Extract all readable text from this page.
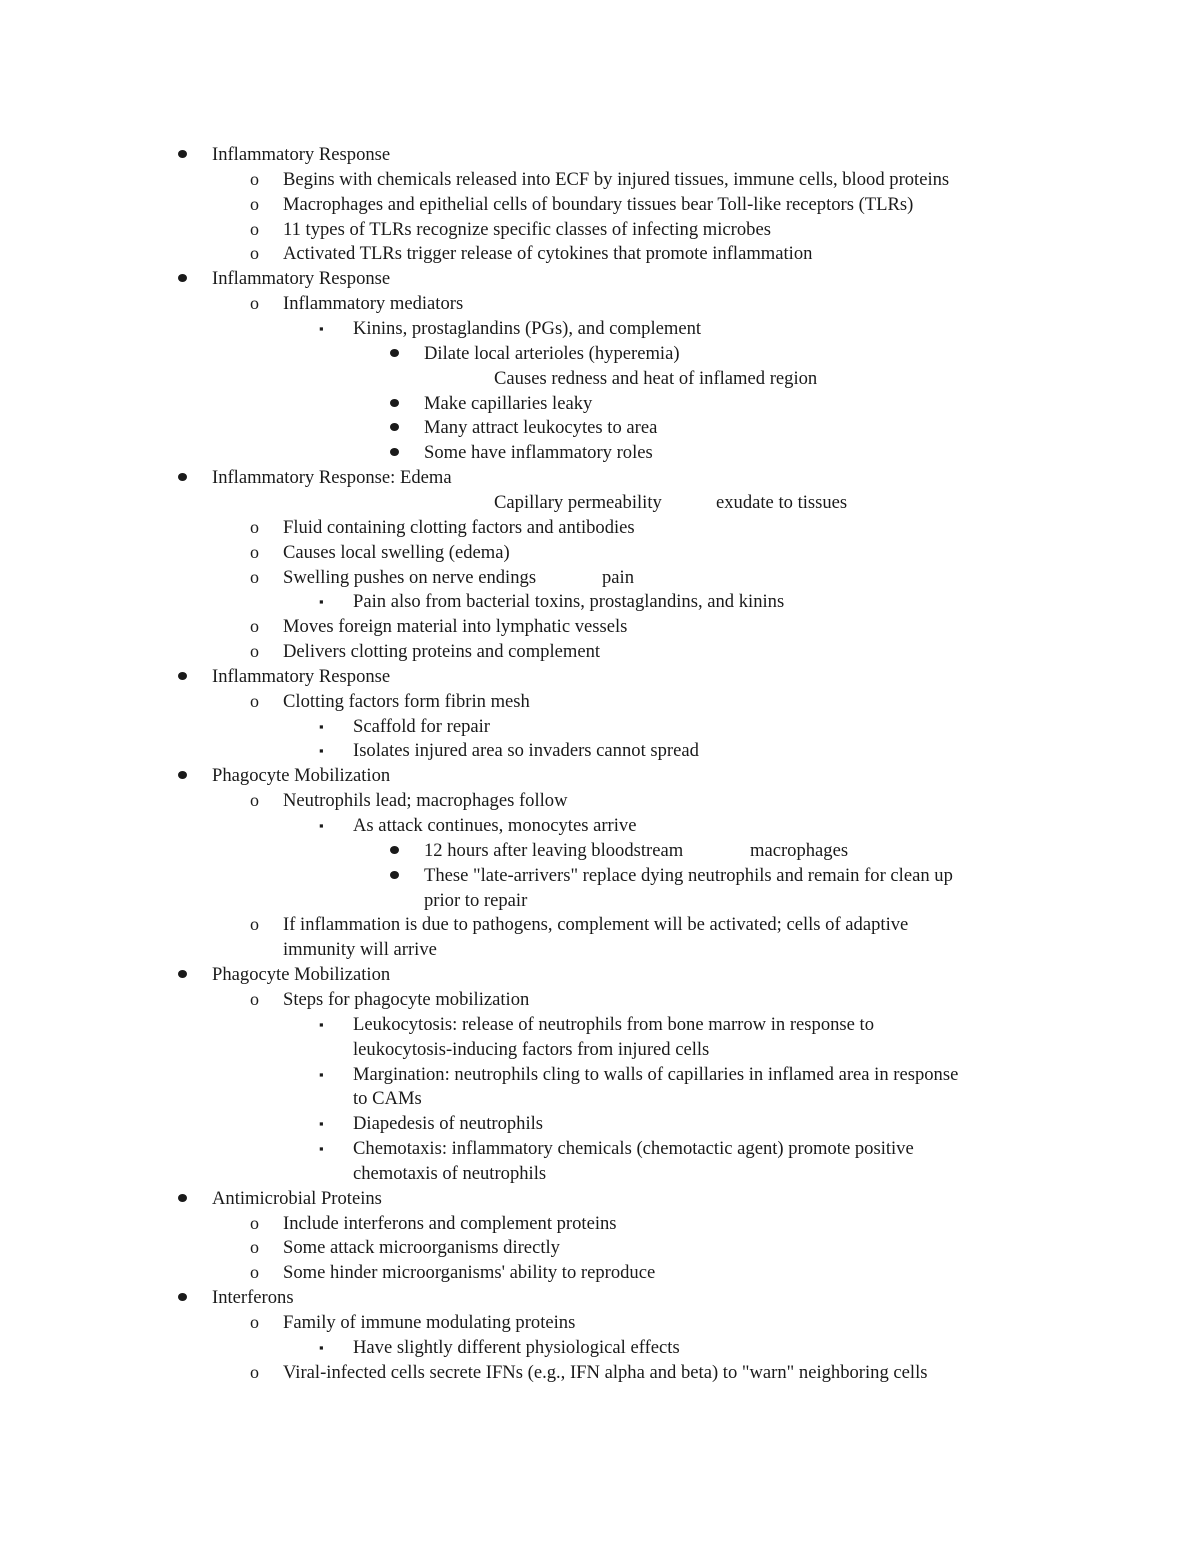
Inflammatory Response
o Begins with chemicals released into ECF by injured tissues, immune cells, blood proteins
o Macrophages and epithelial cells of boundary tissues bear Toll-like receptors (TLRs)
o 11 types of TLRs recognize specific classes of infecting microbes
o Activated TLRs trigger release of cytokines that promote inflammation
Inflammatory Response
o Inflammatory mediators
▪ Kinins, prostaglandins (PGs), and complement
Dilate local arterioles (hyperemia)
Causes redness and heat of inflamed region
Make capillaries leaky
Many attract leukocytes to area
Some have inflammatory roles
Inflammatory Response: Edema
Capillary permeability	exudate to tissues
o Fluid containing clotting factors and antibodies
o Causes local swelling (edema)
o Swelling pushes on nerve endings	pain
▪ Pain also from bacterial toxins, prostaglandins, and kinins
o Moves foreign material into lymphatic vessels
o Delivers clotting proteins and complement
Inflammatory Response
o Clotting factors form fibrin mesh
▪ Scaffold for repair
▪ Isolates injured area so invaders cannot spread
Phagocyte Mobilization
o Neutrophils lead; macrophages follow
▪ As attack continues, monocytes arrive
12 hours after leaving bloodstream	macrophages
These "late-arrivers" replace dying neutrophils and remain for clean up
prior to repair
o If inflammation is due to pathogens, complement will be activated; cells of adaptive
immunity will arrive
Phagocyte Mobilization
o Steps for phagocyte mobilization
▪ Leukocytosis: release of neutrophils from bone marrow in response to
leukocytosis-inducing factors from injured cells
▪ Margination: neutrophils cling to walls of capillaries in inflamed area in response
to CAMs
▪ Diapedesis of neutrophils
▪ Chemotaxis: inflammatory chemicals (chemotactic agent) promote positive
chemotaxis of neutrophils
Antimicrobial Proteins
o Include interferons and complement proteins
o Some attack microorganisms directly
o Some hinder microorganisms' ability to reproduce
Interferons
o Family of immune modulating proteins
▪ Have slightly different physiological effects
o Viral-infected cells secrete IFNs (e.g., IFN alpha and beta) to "warn" neighboring cells
